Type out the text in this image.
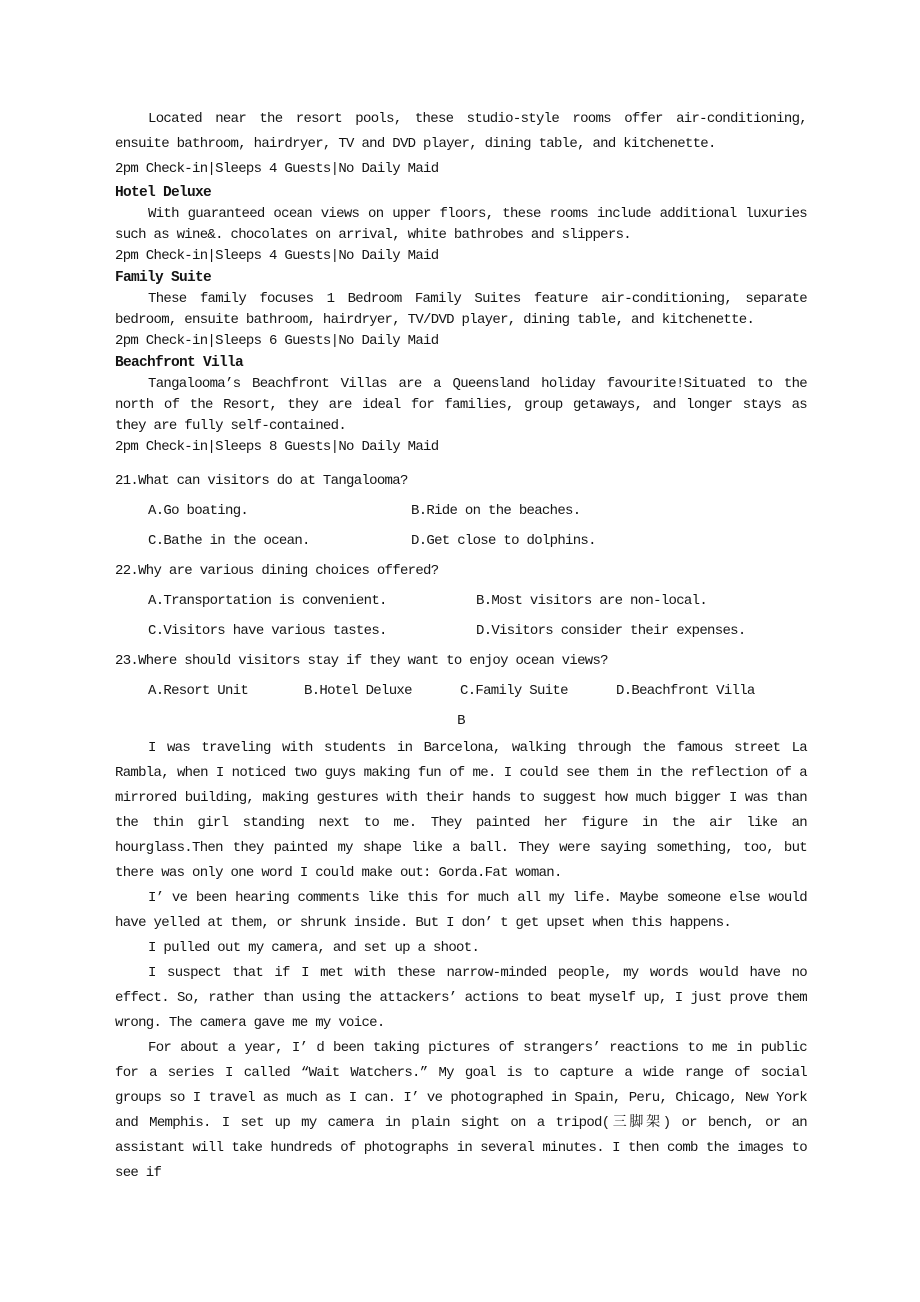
Located near the resort pools, these studio-style rooms offer air-conditioning, ensuite bathroom, hairdryer, TV and DVD player, dining table, and kitchenette.

2pm Check-in|Sleeps 4 Guests|No Daily Maid

Hotel Deluxe

With guaranteed ocean views on upper floors, these rooms include additional luxuries such as wine&. chocolates on arrival, white bathrobes and slippers.

2pm Check-in|Sleeps 4 Guests|No Daily Maid

Family Suite

These family focuses 1 Bedroom Family Suites feature air-conditioning, separate bedroom, ensuite bathroom, hairdryer, TV/DVD player, dining table, and kitchenette.

2pm Check-in|Sleeps 6 Guests|No Daily Maid

Beachfront Villa

Tangalooma’s Beachfront Villas are a Queensland holiday favourite!Situated to the north of the Resort, they are ideal for families, group getaways, and longer stays as they are fully self-contained.

2pm Check-in|Sleeps 8 Guests|No Daily Maid

21.What can visitors do at Tangalooma?

A.Go boating.	B.Ride on the beaches.

C.Bathe in the ocean.	D.Get close to dolphins.

22.Why are various dining choices offered?

A.Transportation is convenient.	B.Most visitors are non-local.

C.Visitors have various tastes.	D.Visitors consider their expenses.

23.Where should visitors stay if they want to enjoy ocean views?

A.Resort Unit	B.Hotel Deluxe	C.Family Suite	D.Beachfront Villa

B

I was traveling with students in Barcelona, walking through the famous street La Rambla, when I noticed two guys making fun of me. I could see them in the reflection of a mirrored building, making gestures with their hands to suggest how much bigger I was than the thin girl standing next to me. They painted her figure in the air like an hourglass.Then they painted my shape like a ball. They were saying something, too, but there was only one word I could make out: Gorda.Fat woman.

I’ ve been hearing comments like this for much all my life. Maybe someone else would have yelled at them, or shrunk inside. But I don’ t get upset when this happens.

I pulled out my camera, and set up a shoot.

I suspect that if I met with these narrow-minded people, my words would have no effect. So, rather than using the attackers’ actions to beat myself up, I just prove them wrong. The camera gave me my voice.

For about a year, I’ d been taking pictures of strangers’ reactions to me in public for a series I called “Wait Watchers.” My goal is to capture a wide range of social groups so I travel as much as I can. I’ ve photographed in Spain, Peru, Chicago, New York and Memphis. I set up my camera in plain sight on a tripod(三脚架) or bench, or an assistant will take hundreds of photographs in several minutes. I then comb the images to see if
